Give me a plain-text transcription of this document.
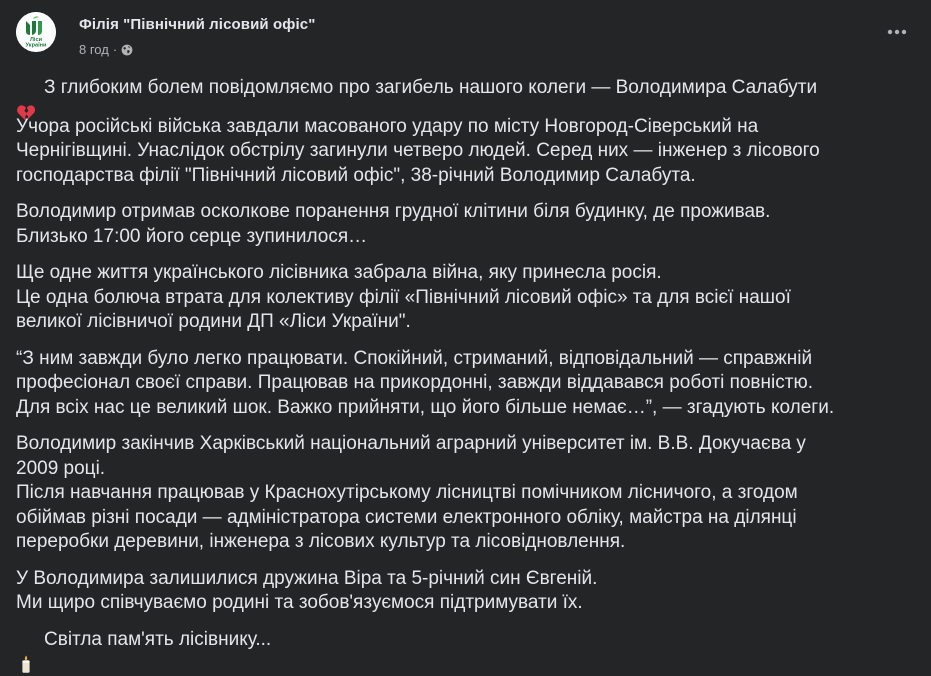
Ліси
України
Філія "Північний лісовий офіс"
8 год ·

З глибоким болем повідомляємо про загибель нашого колеги — Володимира Салабути

Учора російські війська завдали масованого удару по місту Новгород-Сіверський на
Чернігівщині. Унаслідок обстрілу загинули четверо людей. Серед них — інженер з лісового
господарства філії "Північний лісовий офіс", 38-річний Володимир Салабута.

Володимир отримав осколкове поранення грудної клітини біля будинку, де проживав.
Близько 17:00 його серце зупинилося…

Ще одне життя українського лісівника забрала війна, яку принесла росія.
Це одна болюча втрата для колективу філії «Північний лісовий офіс» та для всієї нашої
великої лісівничої родини ДП «Ліси України".

“З ним завжди було легко працювати. Спокійний, стриманий, відповідальний — справжній
професіонал своєї справи. Працював на прикордонні, завжди віддавався роботі повністю.
Для всіх нас це великий шок. Важко прийняти, що його більше немає…”, — згадують колеги.

Володимир закінчив Харківський національний аграрний університет ім. В.В. Докучаєва у
2009 році.
Після навчання працював у Краснохутірському лісництві помічником лісничого, а згодом
обіймав різні посади — адміністратора системи електронного обліку, майстра на ділянці
переробки деревини, інженера з лісових культур та лісовідновлення.

У Володимира залишилися дружина Віра та 5-річний син Євгеній.
Ми щиро співчуваємо родині та зобов'язуємося підтримувати їх.

Світла пам'ять лісівнику...
